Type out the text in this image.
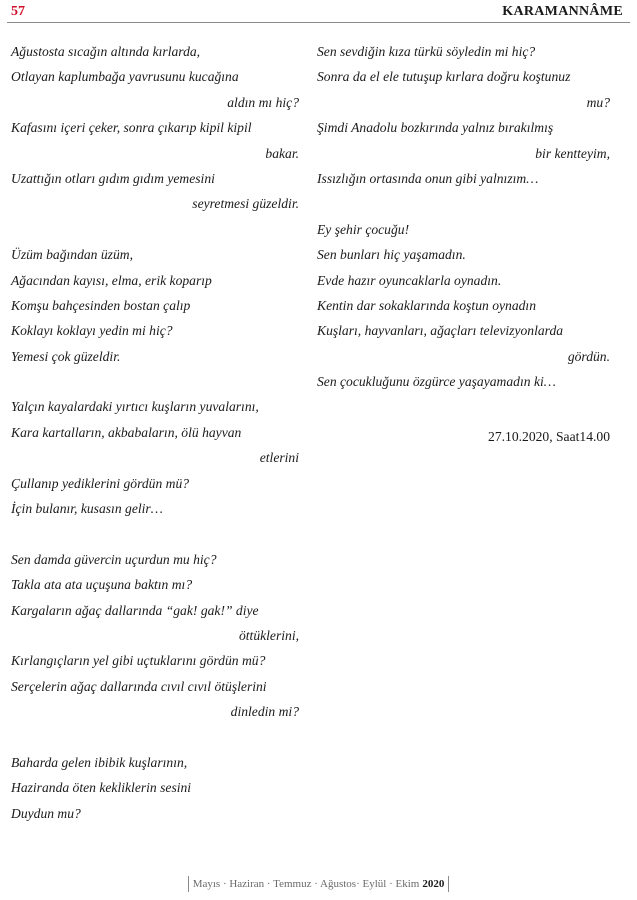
57	KARAMANNÂME
Ağustosta sıcağın altında kırlarda,
Otlayan kaplumbağa yavrusunu kucağına
aldın mı hiç?
Kafasını içeri çeker, sonra çıkarıp kipil kipil
bakar.
Uzattığın otları gıdım gıdım yemesini
seyretmesi güzeldir.
Üzüm bağından üzüm,
Ağacından kayısı, elma, erik koparıp
Komşu bahçesinden bostan çalıp
Koklayı koklayı yedin mi hiç?
Yemesi çok güzeldir.
Yalçın kayalardaki yırtıcı kuşların yuvalarını,
Kara kartalların, akbabaların, ölü hayvan
etlerini
Çullanıp yediklerini gördün mü?
İçin bulanır, kusasın gelir…
Sen damda güvercin uçurdun mu hiç?
Takla ata ata uçuşuna baktın mı?
Kargaların ağaç dallarında “gak! gak!” diye
öttüklerini,
Kırlangıçların yel gibi uçtuklarını gördün mü?
Serçelerin ağaç dallarında cıvıl cıvıl ötüşlerini
dinledin mi?
Baharda gelen ibibik kuşlarının,
Haziranda öten kekliklerin sesini
Duydun mu?
Sen sevdiğin kıza türkü söyledin mi hiç?
Sonra da el ele tutuşup kırlara doğru koştunuz
mu?
Şimdi Anadolu bozkırında yalnız bırakılmış
bir kentteyim,
Issızlığın ortasında onun gibi yalnızım…
Ey şehir çocuğu!
Sen bunları hiç yaşamadın.
Evde hazır oyuncaklarla oynadın.
Kentin dar sokaklarında koştun oynadın
Kuşları, hayvanları, ağaçları televizyonlarda
gördün.
Sen çocukluğunu özgürce yaşayamadın ki…
27.10.2020, Saat14.00
Mayıs · Haziran · Temmuz · Ağustos· Eylül · Ekim 2020
